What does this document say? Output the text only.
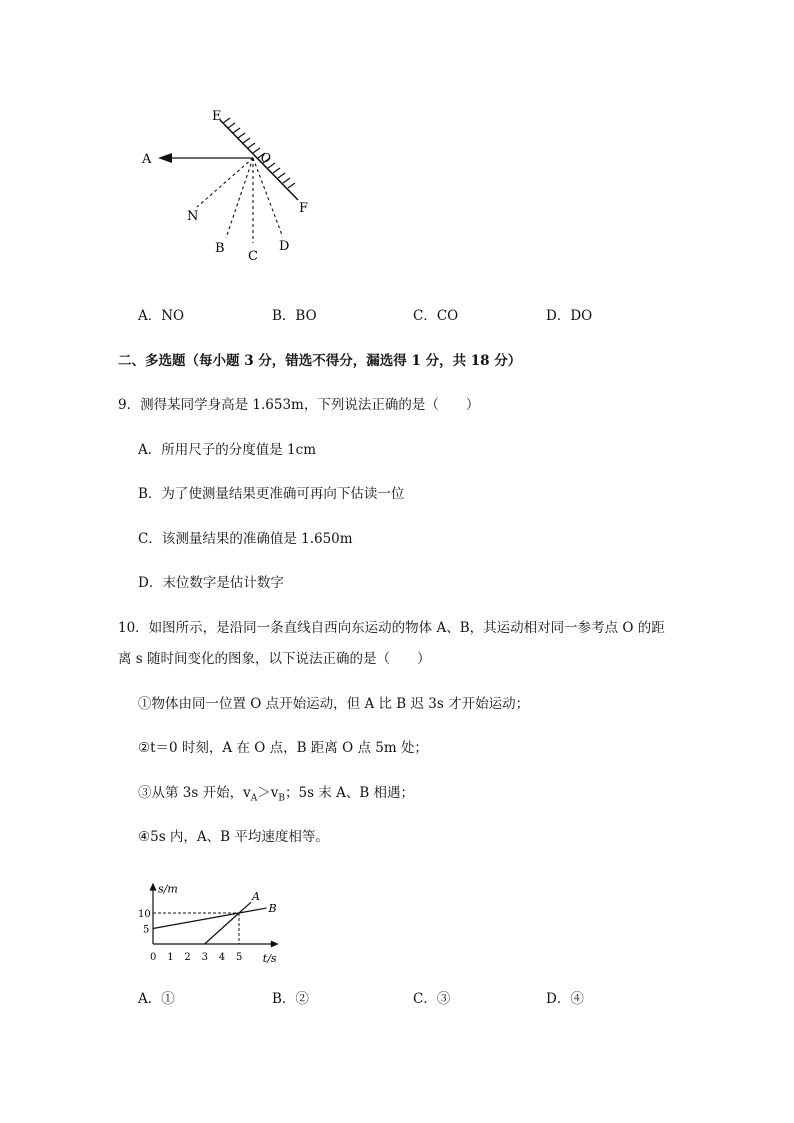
E
A	O
F
N
B
C
D
A．NO	B．BO	C．CO	D．DO
二、多选题（每小题 3 分，错选不得分，漏选得 1 分，共 18 分）
9．测得某同学身高是 1.653m，下列说法正确的是（　　）
A．所用尺子的分度值是 1cm
B．为了使测量结果更准确可再向下估读一位
C．该测量结果的准确值是 1.650m
D．末位数字是估计数字
10．如图所示，是沿同一条直线自西向东运动的物体 A、B，其运动相对同一参考点 O 的距
离 s 随时间变化的图象，以下说法正确的是（　　）
①物体由同一位置 O 点开始运动，但 A 比 B 迟 3s 才开始运动；
②t＝0 时刻，A 在 O 点，B 距离 O 点 5m 处；
③从第 3s 开始，$v_A>v_B$；5s 末 A、B 相遇；
④5s 内，A、B 平均速度相等。
s/m
t/s
0 1 2 3 4 5
5
10
A
B
A．①	B．②	C．③	D．④
